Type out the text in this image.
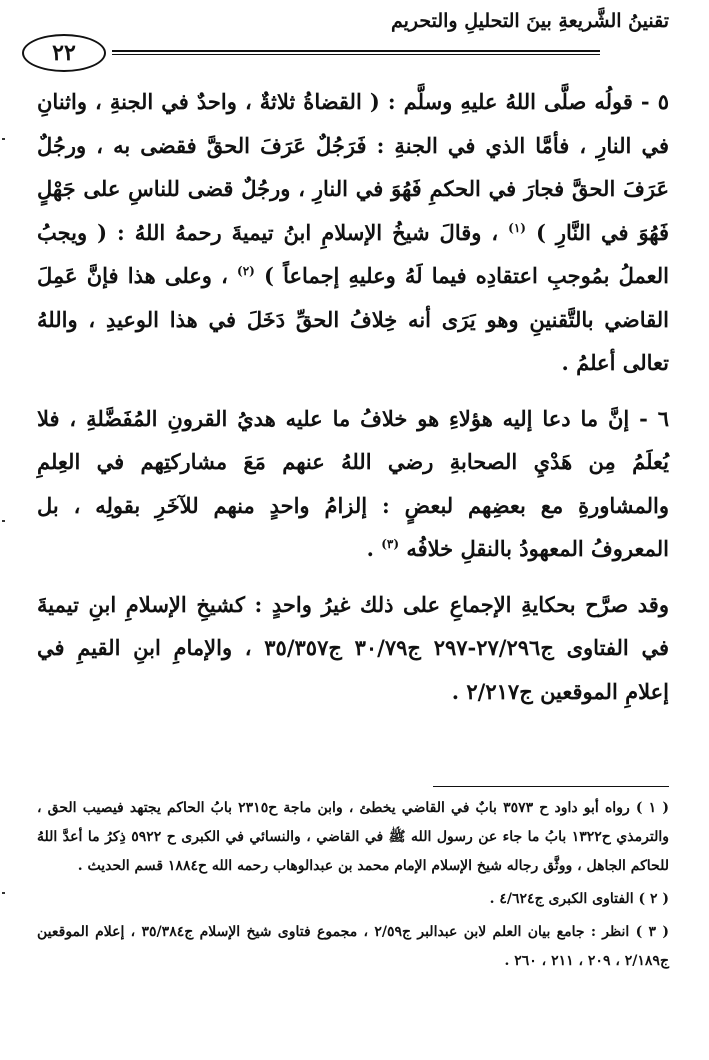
تقنينُ الشَّريعةِ بينَ التحليلِ والتحريم
٢٢

٥ - قولُه صلَّى اللهُ عليهِ وسلَّم : ( القضاةُ ثلاثةٌ ، واحدٌ في الجنةِ ، واثنانِ في النارِ ، فأمَّا الذي في الجنةِ : فَرَجُلٌ عَرَفَ الحقَّ فقضى به ، ورجُلٌ عَرَفَ الحقَّ فجارَ في الحكمِ فَهُوَ في النارِ ، ورجُلٌ قضى للناسِ على جَهْلٍ فَهُوَ في النَّارِ ) $^{(١)}$ ، وقالَ شيخُ الإسلامِ ابنُ تيميةَ رحمهُ اللهُ : ( ويجبُ العملُ بمُوجبِ اعتقادِه فيما لَهُ وعليهِ إجماعاً ) $^{(٢)}$ ، وعلى هذا فإنَّ عَمِلَ القاضي بالتَّقنينِ وهو يَرَى أنه خِلافُ الحقِّ دَخَلَ في هذا الوعيدِ ، واللهُ تعالى أعلمُ .

٦ - إنَّ ما دعا إليه هؤلاءِ هو خلافُ ما عليه هديُ القرونِ المُفَضَّلةِ ، فلا يُعلَمُ مِن هَدْيِ الصحابةِ رضي اللهُ عنهم مَعَ مشاركتِهم في العِلمِ والمشاورةِ مع بعضِهم لبعضٍ : إلزامُ واحدٍ منهم للآخَرِ بقولِه ، بل المعروفُ المعهودُ بالنقلِ خلافُه $^{(٣)}$ .

وقد صرَّح بحكايةِ الإجماعِ على ذلك غيرُ واحدٍ : كشيخِ الإسلامِ ابنِ تيميةَ في الفتاوى ج٢٧/٢٩٦-٢٩٧ ج٣٠/٧٩ ج٣٥/٣٥٧ ، والإمامِ ابنِ القيمِ في إعلامِ الموقعين ج٢/٢١٧ .

( ١ ) رواه أبو داود ح ٣٥٧٣ بابٌ في القاضي يخطئ ، وابن ماجة ح٢٣١٥ بابُ الحاكم يجتهد فيصيب الحق ، والترمذي ح١٣٢٢ بابُ ما جاء عن رسول الله ﷺ في القاضي ، والنسائي في الكبرى ح ٥٩٢٢ ذِكرُ ما أعدَّ اللهُ للحاكم الجاهل ، ووثَّق رجاله شيخ الإسلام الإمام محمد بن عبدالوهاب رحمه الله ح١٨٨٤ قسم الحديث .

( ٢ ) الفتاوى الكبرى ج٤/٦٢٤ .

( ٣ ) انظر : جامع بيان العلم لابن عبدالبر ج٢/٥٩ ، مجموع فتاوى شيخ الإسلام ج٣٥/٣٨٤ ، إعلام الموقعين ج٢/١٨٩ ، ٢٠٩ ، ٢١١ ، ٢٦٠ .
